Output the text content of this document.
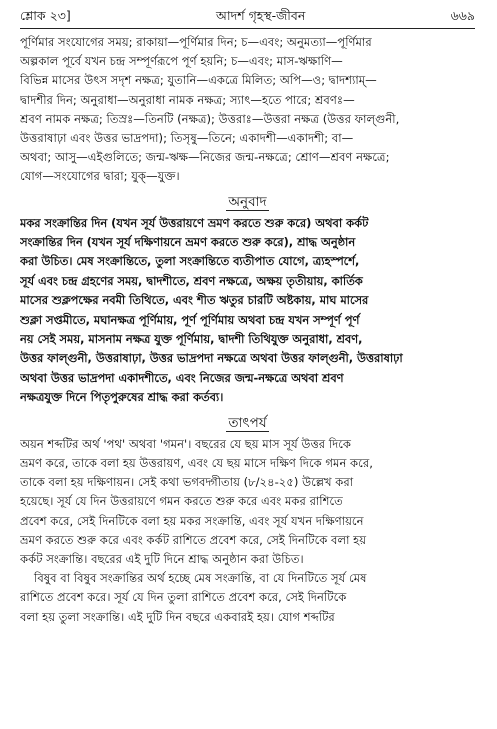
শ্লোক ২৩]	আদর্শ গৃহস্থ-জীবন	৬৬৯
পূর্ণিমার সংযোগের সময়; রাকায়া—পূর্ণিমার দিন; চ—এবং; অনুমত্যা—পূর্ণিমার
অল্পকাল পূর্বে যখন চন্দ্র সম্পূর্ণরূপে পূর্ণ হয়নি; চ—এবং; মাস-ঋক্ষাণি—
বিভিন্ন মাসের উৎস সদৃশ নক্ষত্র; যুতানি—একত্রে মিলিত; অপি—ও; দ্বাদশ্যাম্—
দ্বাদশীর দিন; অনুরাধা—অনুরাধা নামক নক্ষত্র; স্যাৎ—হতে পারে; শ্রবণঃ—
শ্রবণ নামক নক্ষত্র; তিস্রঃ—তিনটি (নক্ষত্র); উত্তরাঃ—উত্তরা নক্ষত্র (উত্তর ফাল্গুনী,
উত্তরাষাঢ়া এবং উত্তর ভাদ্রপদা); তিসৃষু—তিনে; একাদশী—একাদশী; বা—
অথবা; আসু—এইগুলিতে; জন্ম-ঋক্ষ—নিজের জন্ম-নক্ষত্রে; শ্রোণ—শ্রবণ নক্ষত্রে;
যোগ—সংযোগের দ্বারা; যুক্—যুক্ত।
অনুবাদ
মকর সংক্রান্তির দিন (যখন সূর্য উত্তরায়ণে ভ্রমণ করতে শুরু করে) অথবা কর্কট
সংক্রান্তির দিন (যখন সূর্য দক্ষিণায়নে ভ্রমণ করতে শুরু করে), শ্রাদ্ধ অনুষ্ঠান
করা উচিত। মেষ সংক্রান্তিতে, তুলা সংক্রান্তিতে ব্যতীপাত যোগে, ত্র্যহস্পর্শে,
সূর্য এবং চন্দ্র গ্রহণের সময়, দ্বাদশীতে, শ্রবণ নক্ষত্রে, অক্ষয় তৃতীয়ায়, কার্তিক
মাসের শুক্লপক্ষের নবমী তিথিতে, এবং শীত ঋতুর চারটি অষ্টকায়, মাঘ মাসের
শুক্লা সপ্তমীতে, মঘানক্ষত্র পূর্ণিমায়, পূর্ণ পূর্ণিমায় অথবা চন্দ্র যখন সম্পূর্ণ পূর্ণ
নয় সেই সময়, মাসনাম নক্ষত্র যুক্ত পূর্ণিমায়, দ্বাদশী তিথিযুক্ত অনুরাধা, শ্রবণ,
উত্তর ফাল্গুনী, উত্তরাষাঢ়া, উত্তর ভাদ্রপদা নক্ষত্রে অথবা উত্তর ফাল্গুনী, উত্তরাষাঢ়া
অথবা উত্তর ভাদ্রপদা একাদশীতে, এবং নিজের জন্ম-নক্ষত্রে অথবা শ্রবণ
নক্ষত্রযুক্ত দিনে পিতৃপুরুষের শ্রাদ্ধ করা কর্তব্য।
তাৎপর্য
অয়ন শব্দটির অর্থ 'পথ' অথবা 'গমন'। বছরের যে ছয় মাস সূর্য উত্তর দিকে
ভ্রমণ করে, তাকে বলা হয় উত্তরায়ণ, এবং যে ছয় মাসে দক্ষিণ দিকে গমন করে,
তাকে বলা হয় দক্ষিণায়ন। সেই কথা ভগবদ্গীতায় (৮/২৪-২৫) উল্লেখ করা
হয়েছে। সূর্য যে দিন উত্তরায়ণে গমন করতে শুরু করে এবং মকর রাশিতে
প্রবেশ করে, সেই দিনটিকে বলা হয় মকর সংক্রান্তি, এবং সূর্য যখন দক্ষিণায়নে
ভ্রমণ করতে শুরু করে এবং কর্কট রাশিতে প্রবেশ করে, সেই দিনটিকে বলা হয়
কর্কট সংক্রান্তি। বছরের এই দুটি দিনে শ্রাদ্ধ অনুষ্ঠান করা উচিত।
বিষুব বা বিষুব সংক্রান্তির অর্থ হচ্ছে মেষ সংক্রান্তি, বা যে দিনটিতে সূর্য মেষ
রাশিতে প্রবেশ করে। সূর্য যে দিন তুলা রাশিতে প্রবেশ করে, সেই দিনটিকে
বলা হয় তুলা সংক্রান্তি। এই দুটি দিন বছরে একবারই হয়। যোগ শব্দটির
